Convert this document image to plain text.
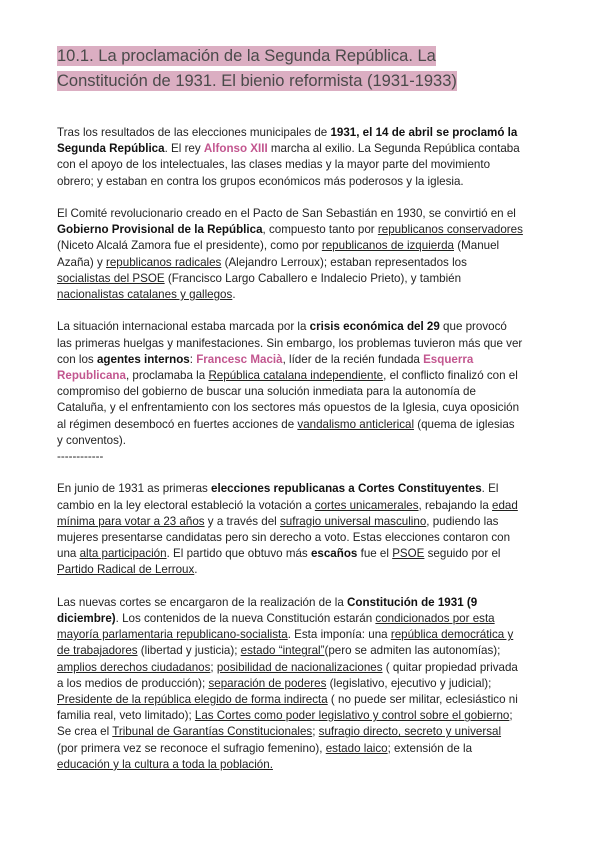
10.1. La proclamación de la Segunda República. La Constitución de 1931. El bienio reformista (1931-1933)

Tras los resultados de las elecciones municipales de 1931, el 14 de abril se proclamó la Segunda República. El rey Alfonso XIII marcha al exilio. La Segunda República contaba con el apoyo de los intelectuales, las clases medias y la mayor parte del movimiento obrero; y estaban en contra los grupos económicos más poderosos y la iglesia.

El Comité revolucionario creado en el Pacto de San Sebastián en 1930, se convirtió en el Gobierno Provisional de la República, compuesto tanto por republicanos conservadores (Niceto Alcalá Zamora fue el presidente), como por republicanos de izquierda (Manuel Azaña) y republicanos radicales (Alejandro Lerroux); estaban representados los socialistas del PSOE (Francisco Largo Caballero e Indalecio Prieto), y también nacionalistas catalanes y gallegos.

La situación internacional estaba marcada por la crisis económica del 29 que provocó las primeras huelgas y manifestaciones. Sin embargo, los problemas tuvieron más que ver con los agentes internos: Francesc Macià, líder de la recién fundada Esquerra Republicana, proclamaba la República catalana independiente, el conflicto finalizó con el compromiso del gobierno de buscar una solución inmediata para la autonomía de Cataluña, y el enfrentamiento con los sectores más opuestos de la Iglesia, cuya oposición al régimen desembocó en fuertes acciones de vandalismo anticlerical (quema de iglesias y conventos).

------------

En junio de 1931 as primeras elecciones republicanas a Cortes Constituyentes. El cambio en la ley electoral estableció la votación a cortes unicamerales, rebajando la edad mínima para votar a 23 años y a través del sufragio universal masculino, pudiendo las mujeres presentarse candidatas pero sin derecho a voto. Estas elecciones contaron con una alta participación. El partido que obtuvo más escaños fue el PSOE seguido por el Partido Radical de Lerroux.

Las nuevas cortes se encargaron de la realización de la Constitución de 1931 (9 diciembre). Los contenidos de la nueva Constitución estarán condicionados por esta mayoría parlamentaria republicano-socialista. Esta imponía: una república democrática y de trabajadores (libertad y justicia); estado “integral”(pero se admiten las autonomías); amplios derechos ciudadanos; posibilidad de nacionalizaciones ( quitar propiedad privada a los medios de producción); separación de poderes (legislativo, ejecutivo y judicial); Presidente de la república elegido de forma indirecta ( no puede ser militar, eclesiástico ni familia real, veto limitado); Las Cortes como poder legislativo y control sobre el gobierno; Se crea el Tribunal de Garantías Constitucionales; sufragio directo, secreto y universal (por primera vez se reconoce el sufragio femenino), estado laico; extensión de la educación y la cultura a toda la población.
